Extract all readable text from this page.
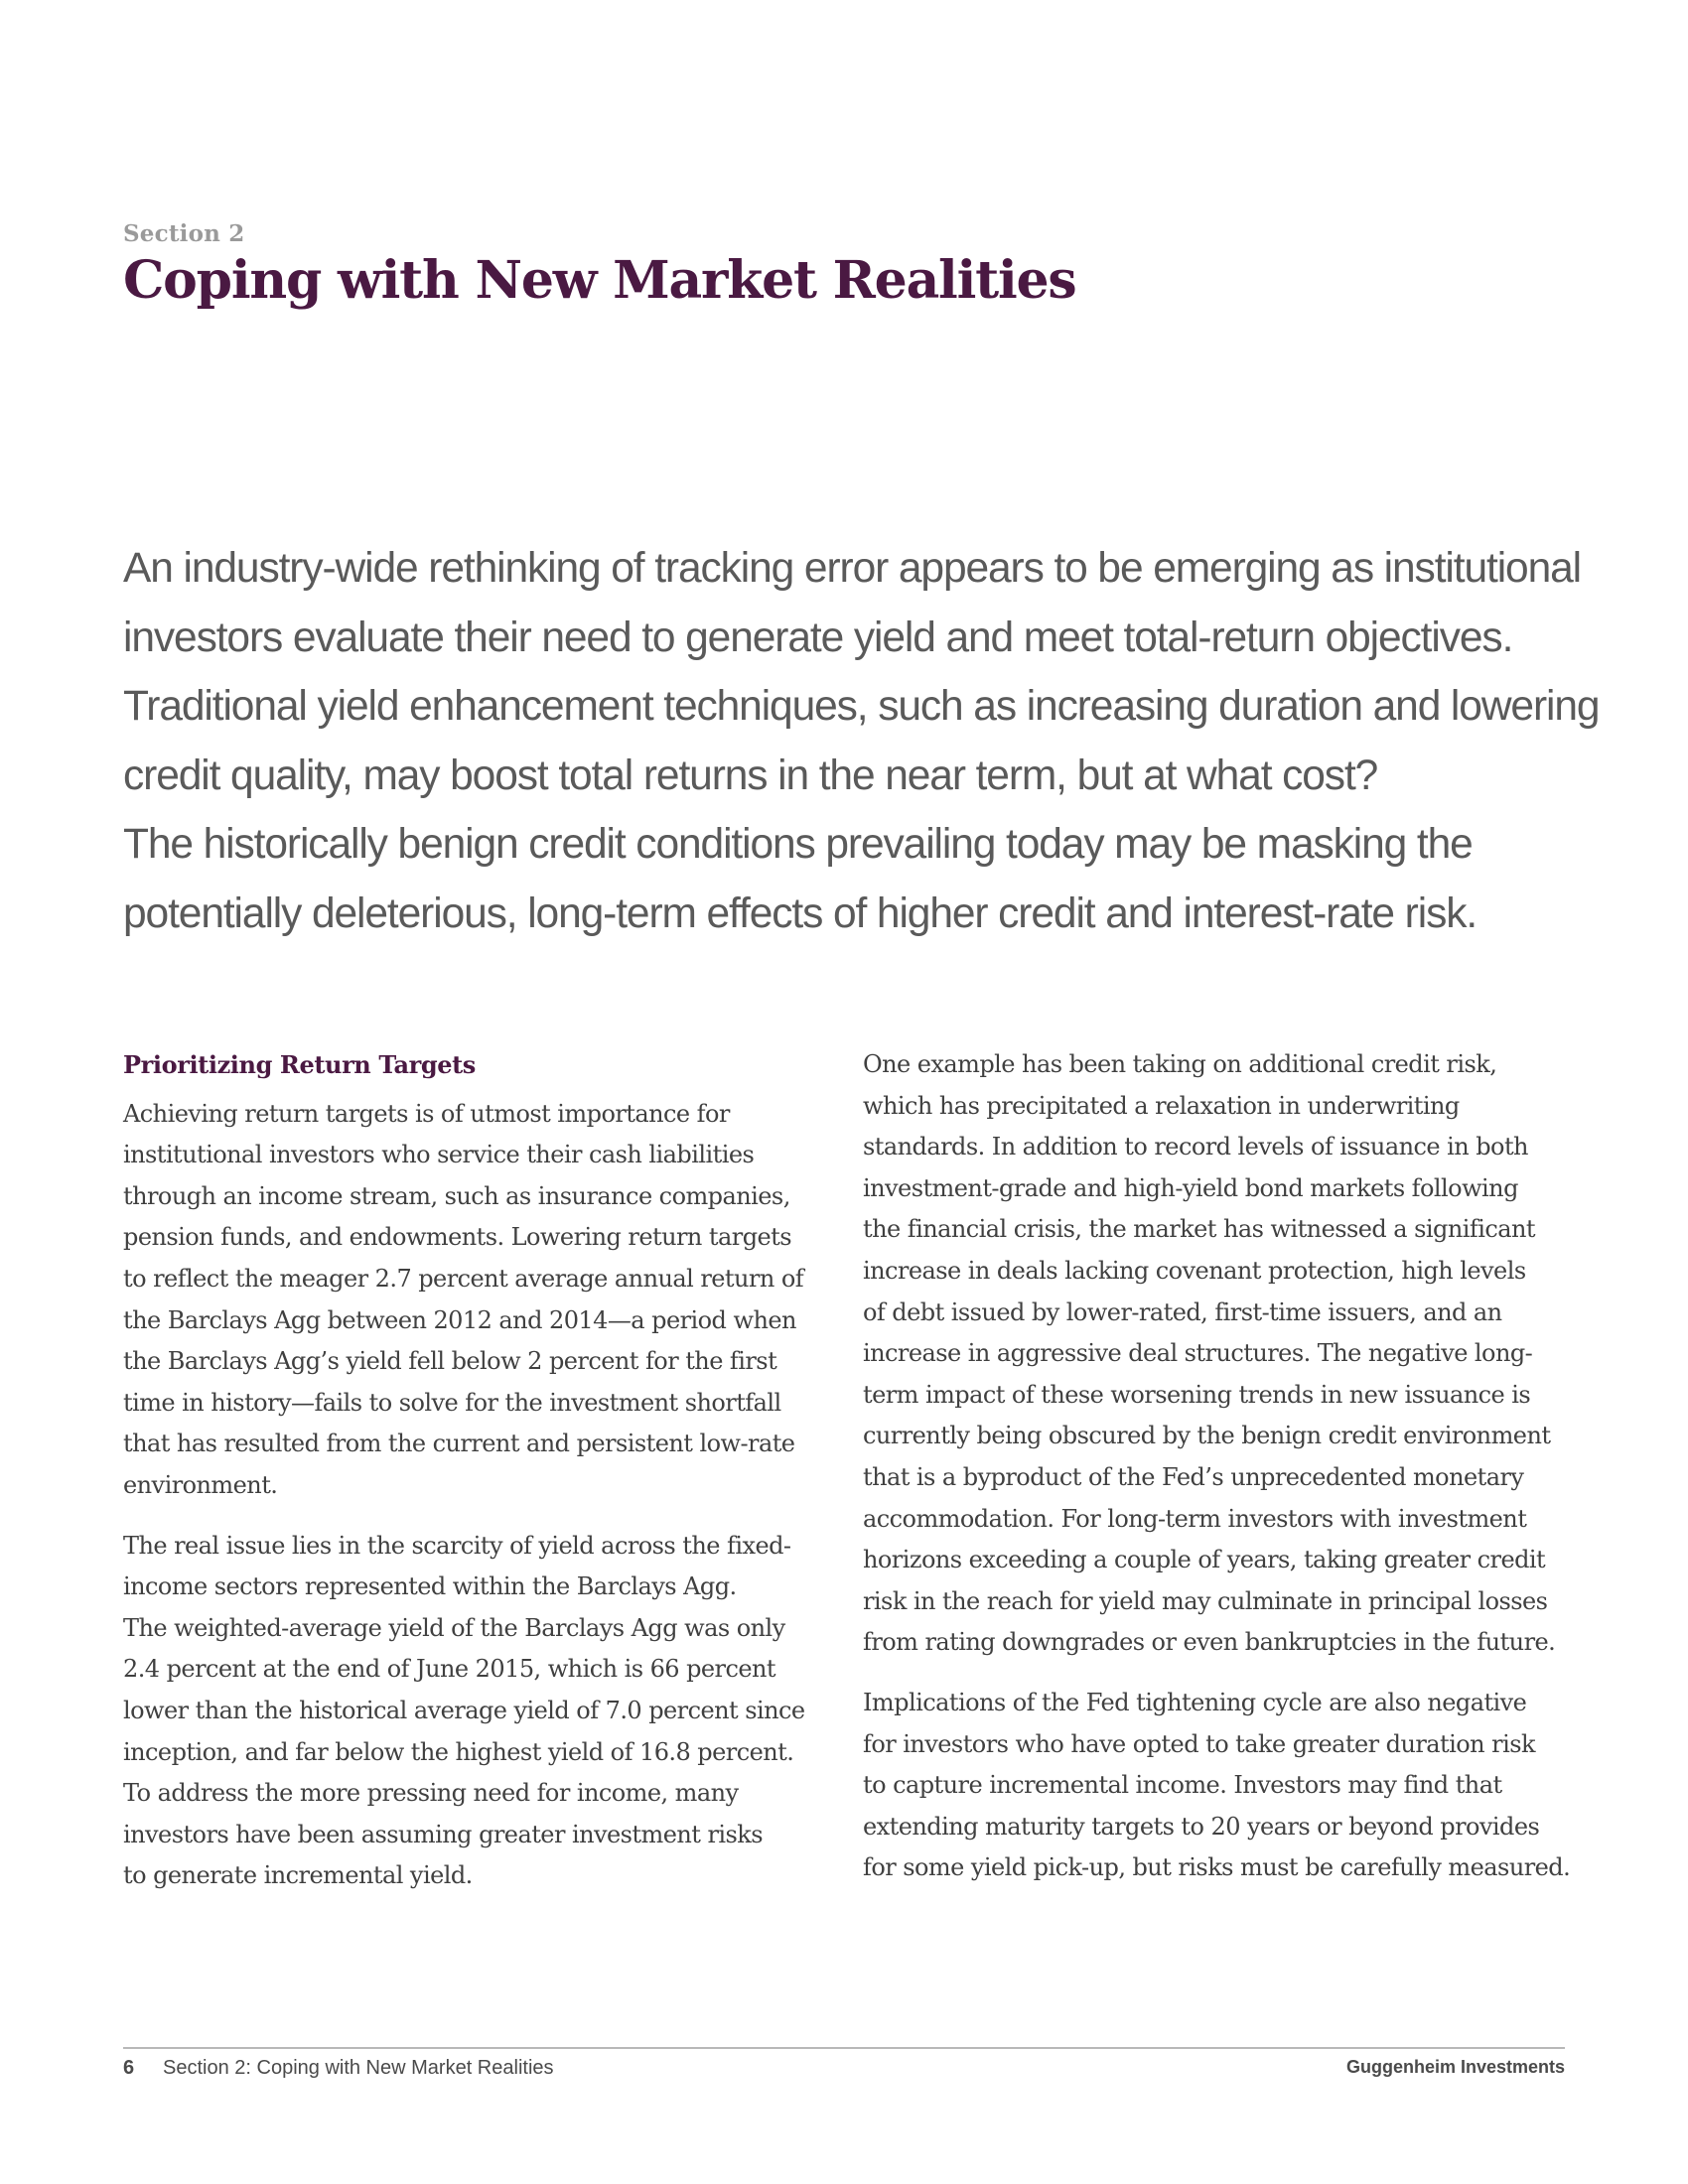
Section 2
Coping with New Market Realities

An industry-wide rethinking of tracking error appears to be emerging as institutional

investors evaluate their need to generate yield and meet total-return objectives.

Traditional yield enhancement techniques, such as increasing duration and lowering

credit quality, may boost total returns in the near term, but at what cost?

The historically benign credit conditions prevailing today may be masking the

potentially deleterious, long-term effects of higher credit and interest-rate risk.

Prioritizing Return Targets

Achieving return targets is of utmost importance for

institutional investors who service their cash liabilities

through an income stream, such as insurance companies,

pension funds, and endowments. Lowering return targets

to reflect the meager 2.7 percent average annual return of

the Barclays Agg between 2012 and 2014—a period when

the Barclays Agg’s yield fell below 2 percent for the first

time in history—fails to solve for the investment shortfall

that has resulted from the current and persistent low-rate

environment.

The real issue lies in the scarcity of yield across the fixed-

income sectors represented within the Barclays Agg.

The weighted-average yield of the Barclays Agg was only

2.4 percent at the end of June 2015, which is 66 percent

lower than the historical average yield of 7.0 percent since

inception, and far below the highest yield of 16.8 percent.

To address the more pressing need for income, many

investors have been assuming greater investment risks

to generate incremental yield.

One example has been taking on additional credit risk,

which has precipitated a relaxation in underwriting

standards. In addition to record levels of issuance in both

investment-grade and high-yield bond markets following

the financial crisis, the market has witnessed a significant

increase in deals lacking covenant protection, high levels

of debt issued by lower-rated, first-time issuers, and an

increase in aggressive deal structures. The negative long-

term impact of these worsening trends in new issuance is

currently being obscured by the benign credit environment

that is a byproduct of the Fed’s unprecedented monetary

accommodation. For long-term investors with investment

horizons exceeding a couple of years, taking greater credit

risk in the reach for yield may culminate in principal losses

from rating downgrades or even bankruptcies in the future.

Implications of the Fed tightening cycle are also negative

for investors who have opted to take greater duration risk

to capture incremental income. Investors may find that

extending maturity targets to 20 years or beyond provides

for some yield pick-up, but risks must be carefully measured.

6 Section 2: Coping with New Market Realities	Guggenheim Investments
